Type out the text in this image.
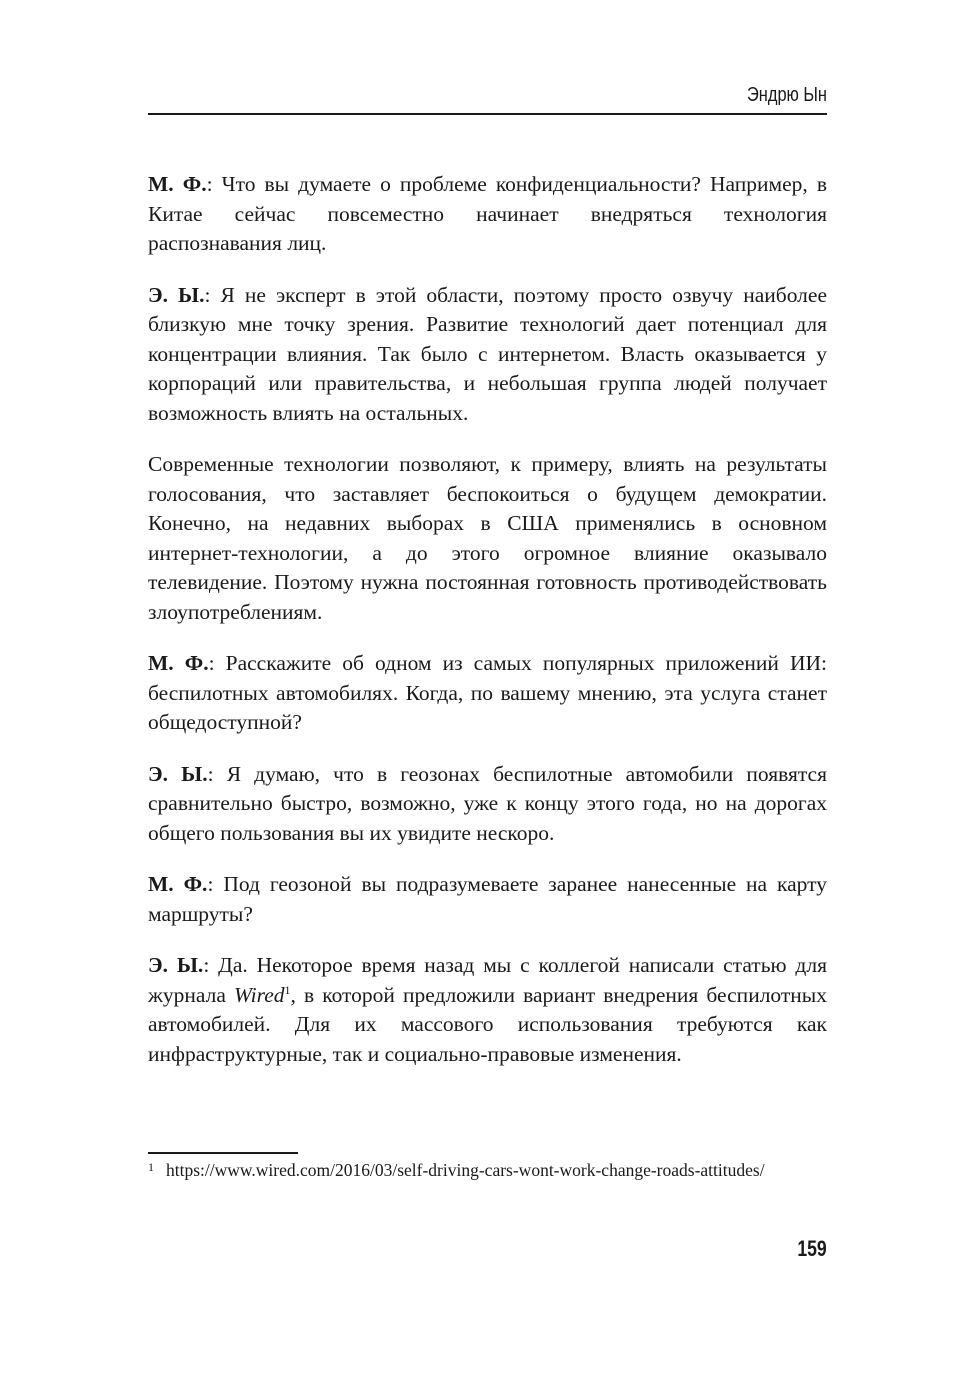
Эндрю Ын

М. Ф.: Что вы думаете о проблеме конфиденциальности? Например, в Китае сейчас повсеместно начинает внедряться технология распознавания лиц.

Э. Ы.: Я не эксперт в этой области, поэтому просто озвучу наиболее близкую мне точку зрения. Развитие технологий дает потенциал для концентрации влияния. Так было с интернетом. Власть оказывается у корпораций или правительства, и небольшая группа людей получает возможность влиять на остальных.

Современные технологии позволяют, к примеру, влиять на результаты голосования, что заставляет беспокоиться о будущем демократии. Конечно, на недавних выборах в США применялись в основном интернет-технологии, а до этого огромное влияние оказывало телевидение. Поэтому нужна постоянная готовность противодействовать злоупотреблениям.

М. Ф.: Расскажите об одном из самых популярных приложений ИИ: беспилотных автомобилях. Когда, по вашему мнению, эта услуга станет общедоступной?

Э. Ы.: Я думаю, что в геозонах беспилотные автомобили появятся сравнительно быстро, возможно, уже к концу этого года, но на дорогах общего пользования вы их увидите нескоро.

М. Ф.: Под геозоной вы подразумеваете заранее нанесенные на карту маршруты?

Э. Ы.: Да. Некоторое время назад мы с коллегой написали статью для журнала Wired$^1$, в которой предложили вариант внедрения беспилотных автомобилей. Для их массового использования требуются как инфраструктурные, так и социально-правовые изменения.

1 https://www.wired.com/2016/03/self-driving-cars-wont-work-change-roads-attitudes/
159
